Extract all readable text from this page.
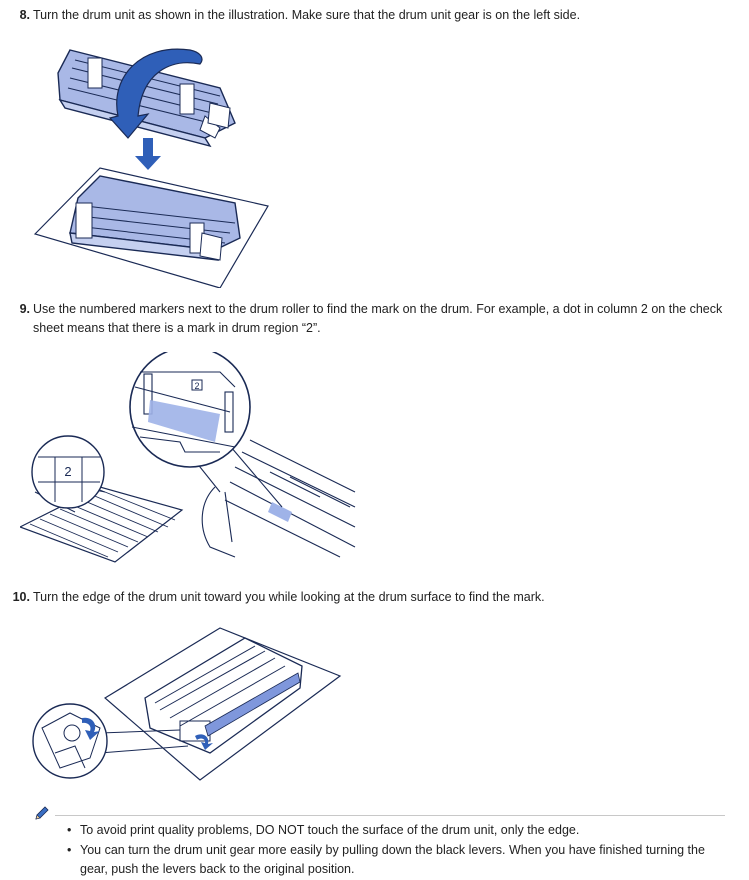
8. Turn the drum unit as shown in the illustration. Make sure that the drum unit gear is on the left side.
9. Use the numbered markers next to the drum roller to find the mark on the drum. For example, a dot in column 2 on the check sheet means that there is a mark in drum region “2”.
2
2
10. Turn the edge of the drum unit toward you while looking at the drum surface to find the mark.
• To avoid print quality problems, DO NOT touch the surface of the drum unit, only the edge.
• You can turn the drum unit gear more easily by pulling down the black levers. When you have finished turning the gear, push the levers back to the original position.
